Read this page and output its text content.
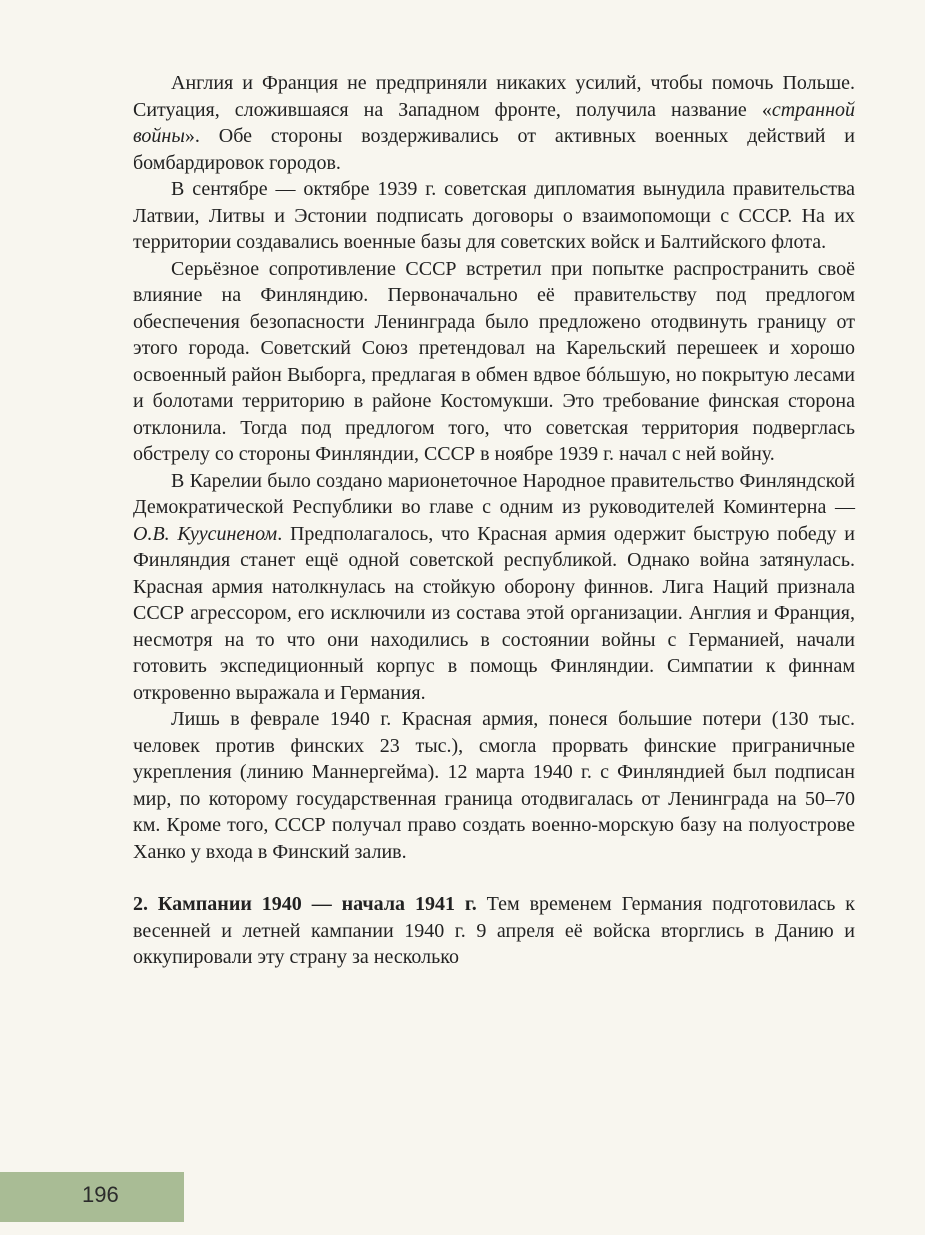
Англия и Франция не предприняли никаких усилий, чтобы помочь Польше. Ситуация, сложившаяся на Западном фронте, получила название «странной войны». Обе стороны воздерживались от активных военных действий и бомбардировок городов.

В сентябре — октябре 1939 г. советская дипломатия вынудила правительства Латвии, Литвы и Эстонии подписать договоры о взаимопомощи с СССР. На их территории создавались военные базы для советских войск и Балтийского флота.

Серьёзное сопротивление СССР встретил при попытке распространить своё влияние на Финляндию. Первоначально её правительству под предлогом обеспечения безопасности Ленинграда было предложено отодвинуть границу от этого города. Советский Союз претендовал на Карельский перешеек и хорошо освоенный район Выборга, предлагая в обмен вдвое бóльшую, но покрытую лесами и болотами территорию в районе Костомукши. Это требование финская сторона отклонила. Тогда под предлогом того, что советская территория подверглась обстрелу со стороны Финляндии, СССР в ноябре 1939 г. начал с ней войну.

В Карелии было создано марионеточное Народное правительство Финляндской Демократической Республики во главе с одним из руководителей Коминтерна — О.В. Куусиненом. Предполагалось, что Красная армия одержит быструю победу и Финляндия станет ещё одной советской республикой. Однако война затянулась. Красная армия натолкнулась на стойкую оборону финнов. Лига Наций признала СССР агрессором, его исключили из состава этой организации. Англия и Франция, несмотря на то что они находились в состоянии войны с Германией, начали готовить экспедиционный корпус в помощь Финляндии. Симпатии к финнам откровенно выражала и Германия.

Лишь в феврале 1940 г. Красная армия, понеся большие потери (130 тыс. человек против финских 23 тыс.), смогла прорвать финские приграничные укрепления (линию Маннергейма). 12 марта 1940 г. с Финляндией был подписан мир, по которому государственная граница отодвигалась от Ленинграда на 50–70 км. Кроме того, СССР получал право создать военно-морскую базу на полуострове Ханко у входа в Финский залив.

2. Кампании 1940 — начала 1941 г. Тем временем Германия подготовилась к весенней и летней кампании 1940 г. 9 апреля её войска вторглись в Данию и оккупировали эту страну за несколько

196
